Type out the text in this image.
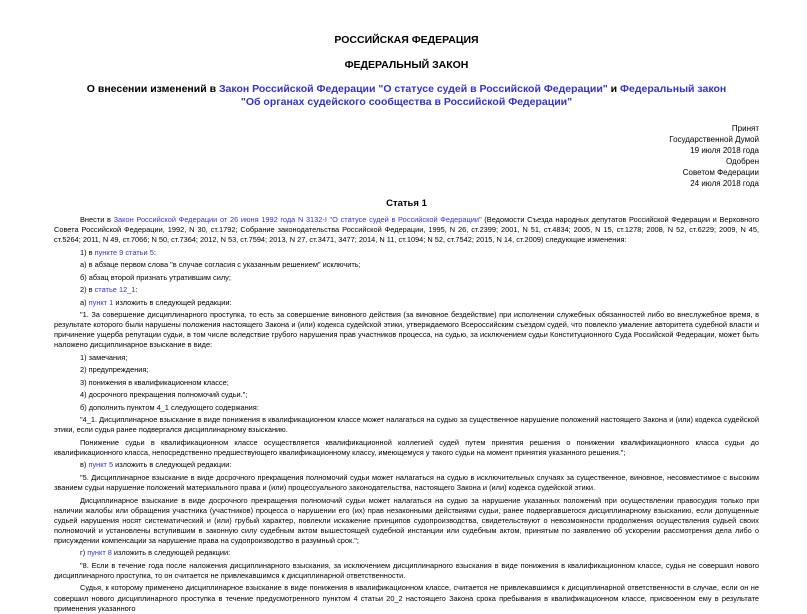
РОССИЙСКАЯ ФЕДЕРАЦИЯ
ФЕДЕРАЛЬНЫЙ ЗАКОН
О внесении изменений в Закон Российской Федерации "О статусе судей в Российской Федерации" и Федеральный закон "Об органах судейского сообщества в Российской Федерации"
Принят
Государственной Думой
19 июля 2018 года
Одобрен
Советом Федерации
24 июля 2018 года
Статья 1
Внести в Закон Российской Федерации от 26 июня 1992 года N 3132-I "О статусе судей в Российской Федерации" (Ведомости Съезда народных депутатов Российской Федерации и Верховного Совета Российской Федерации, 1992, N 30, ст.1792; Собрание законодательства Российской Федерации, 1995, N 26, ст.2399; 2001, N 51, ст.4834; 2005, N 15, ст.1278; 2008, N 52, ст.6229; 2009, N 45, ст.5264; 2011, N 49, ст.7066; N 50, ст.7364; 2012, N 53, ст.7594; 2013, N 27, ст.3471, 3477; 2014, N 11, ст.1094; N 52, ст.7542; 2015, N 14, ст.2009) следующие изменения:
1) в пункте 9 статьи 5:
а) в абзаце первом слова "в случае согласия с указанным решением" исключить;
б) абзац второй признать утратившим силу;
2) в статье 12_1:
а) пункт 1 изложить в следующей редакции:
"1. За совершение дисциплинарного проступка, то есть за совершение виновного действия (за виновное бездействие) при исполнении служебных обязанностей либо во внеслужебное время, в результате которого были нарушены положения настоящего Закона и (или) кодекса судейской этики, утверждаемого Всероссийским съездом судей, что повлекло умаление авторитета судебной власти и причинение ущерба репутации судьи, в том числе вследствие грубого нарушения прав участников процесса, на судью, за исключением судьи Конституционного Суда Российской Федерации, может быть наложено дисциплинарное взыскание в виде:
1) замечания;
2) предупреждения;
3) понижения в квалификационном классе;
4) досрочного прекращения полномочий судьи.";
б) дополнить пунктом 4_1 следующего содержания:
"4_1. Дисциплинарное взыскание в виде понижения в квалификационном классе может налагаться на судью за существенное нарушение положений настоящего Закона и (или) кодекса судейской этики, если судья ранее подвергался дисциплинарному взысканию.
Понижение судьи в квалификационном классе осуществляется квалификационной коллегией судей путем принятия решения о понижении квалификационного класса судьи до квалификационного класса, непосредственно предшествующего квалификационному классу, имеющемуся у такого судьи на момент принятия указанного решения.";
в) пункт 5 изложить в следующей редакции:
"5. Дисциплинарное взыскание в виде досрочного прекращения полномочий судьи может налагаться на судью в исключительных случаях за существенное, виновное, несовместимое с высоким званием судьи нарушение положений материального права и (или) процессуального законодательства, настоящего Закона и (или) кодекса судейской этики.
Дисциплинарное взыскание в виде досрочного прекращения полномочий судьи может налагаться на судью за нарушение указанных положений при осуществлении правосудия только при наличии жалобы или обращения участника (участников) процесса о нарушении его (их) прав незаконными действиями судьи, ранее подвергавшегося дисциплинарному взысканию, если допущенные судьей нарушения носят систематический и (или) грубый характер, повлекли искажение принципов судопроизводства, свидетельствуют о невозможности продолжения осуществления судьей своих полномочий и установлены вступившим в законную силу судебным актом вышестоящей судебной инстанции или судебным актом, принятым по заявлению об ускорении рассмотрения дела либо о присуждении компенсации за нарушение права на судопроизводство в разумный срок.";
г) пункт 8 изложить в следующей редакции:
"8. Если в течение года после наложения дисциплинарного взыскания, за исключением дисциплинарного взыскания в виде понижения в квалификационном классе, судья не совершил нового дисциплинарного проступка, то он считается не привлекавшимся к дисциплинарной ответственности.
Судья, к которому применено дисциплинарное взыскание в виде понижения в квалификационном классе, считается не привлекавшимся к дисциплинарной ответственности в случае, если он не совершил нового дисциплинарного проступка в течение предусмотренного пунктом 4 статьи 20_2 настоящего Закона срока пребывания в квалификационном классе, присвоенном ему в результате применения указанного
